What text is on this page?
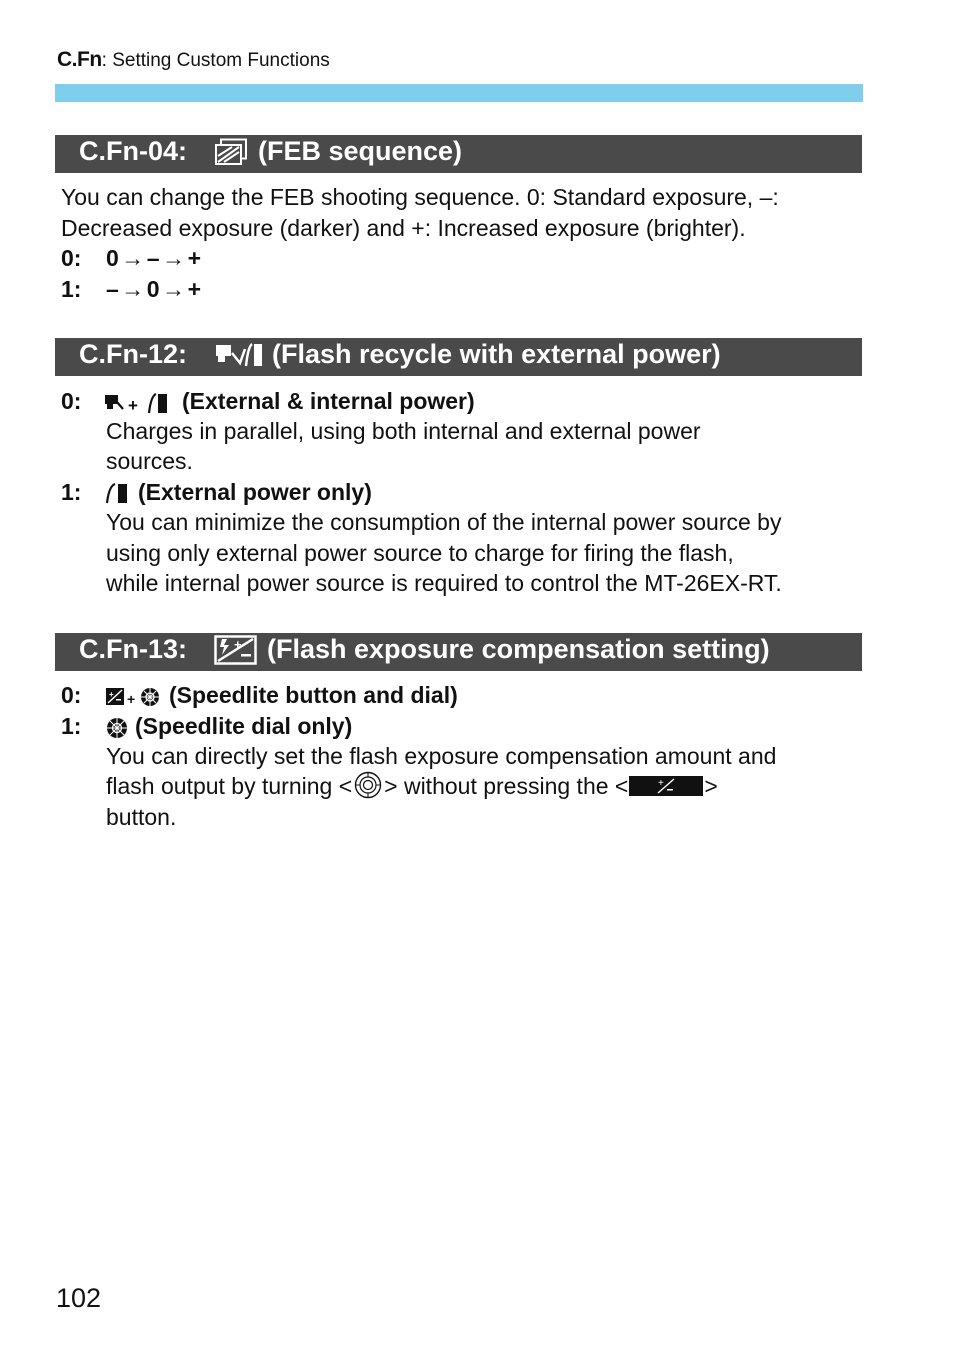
C.Fn: Setting Custom Functions
C.Fn-04:	(FEB sequence)
You can change the FEB shooting sequence. 0: Standard exposure, –:
Decreased exposure (darker) and +: Increased exposure (brighter).
0: 0 → – → +
1: – → 0 → +
C.Fn-12:	(Flash recycle with external power)
0:	+ (External & internal power)
Charges in parallel, using both internal and external power
sources.
1: (External power only)
You can minimize the consumption of the internal power source by
using only external power source to charge for firing the flash,
while internal power source is required to control the MT-26EX-RT.
C.Fn-13:	+ (Flash exposure compensation setting)
0:	+ + (Speedlite button and dial)
1: (Speedlite dial only)
You can directly set the flash exposure compensation amount and
flash output by turning < > without pressing the <	+ >
button.
102
